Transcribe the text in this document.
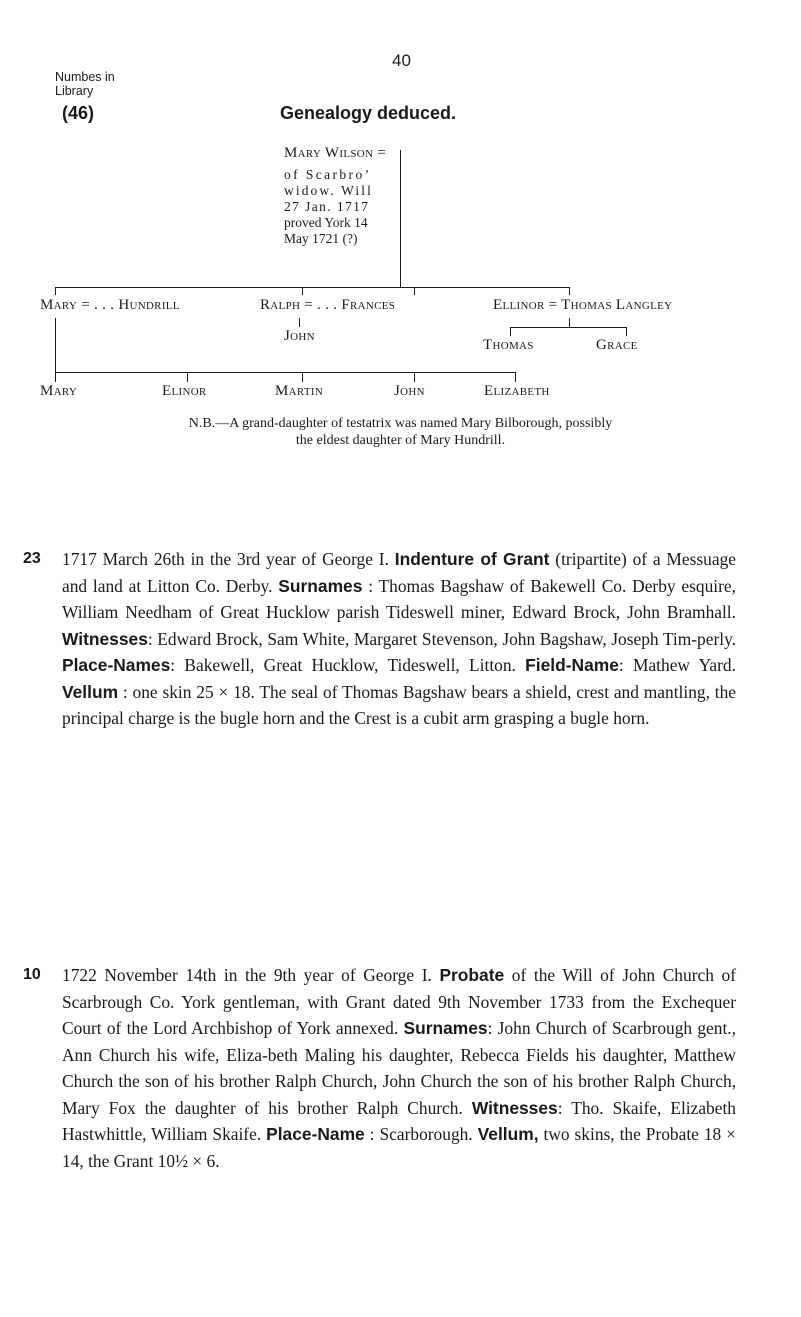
Numbes in
Library
40
(46)	Genealogy deduced.
Mary Wilson =
of Scarbro’
widow. Will
27 Jan. 1717
proved York 14
May 1721 (?)
Mary = . . . Hundrill	Ralph = . . . Frances	Ellinor = Thomas Langley
John
Thomas	Grace
Mary	Elinor	Martin	John	Elizabeth
N.B.—A grand-daughter of testatrix was named Mary Bilborough, possibly
the eldest daughter of Mary Hundrill.
23 1717 March 26th in the 3rd year of George I. Indenture of Grant (tripartite) of a Messuage and land at Litton Co. Derby. Surnames : Thomas Bagshaw of Bakewell Co. Derby esquire, William Needham of Great Hucklow parish Tideswell miner, Edward Brock, John Bramhall. Witnesses: Edward Brock, Sam White, Margaret Stevenson, John Bagshaw, Joseph Tim-perly. Place-Names: Bakewell, Great Hucklow, Tideswell, Litton. Field-Name: Mathew Yard. Vellum : one skin 25 × 18. The seal of Thomas Bagshaw bears a shield, crest and mantling, the principal charge is the bugle horn and the Crest is a cubit arm grasping a bugle horn.
10 1722 November 14th in the 9th year of George I. Probate of the Will of John Church of Scarbrough Co. York gentleman, with Grant dated 9th November 1733 from the Exchequer Court of the Lord Archbishop of York annexed. Surnames: John Church of Scarbrough gent., Ann Church his wife, Eliza-beth Maling his daughter, Rebecca Fields his daughter, Matthew Church the son of his brother Ralph Church, John Church the son of his brother Ralph Church, Mary Fox the daughter of his brother Ralph Church. Witnesses: Tho. Skaife, Elizabeth Hastwhittle, William Skaife. Place-Name : Scarborough. Vellum, two skins, the Probate 18 × 14, the Grant 10½ × 6.
